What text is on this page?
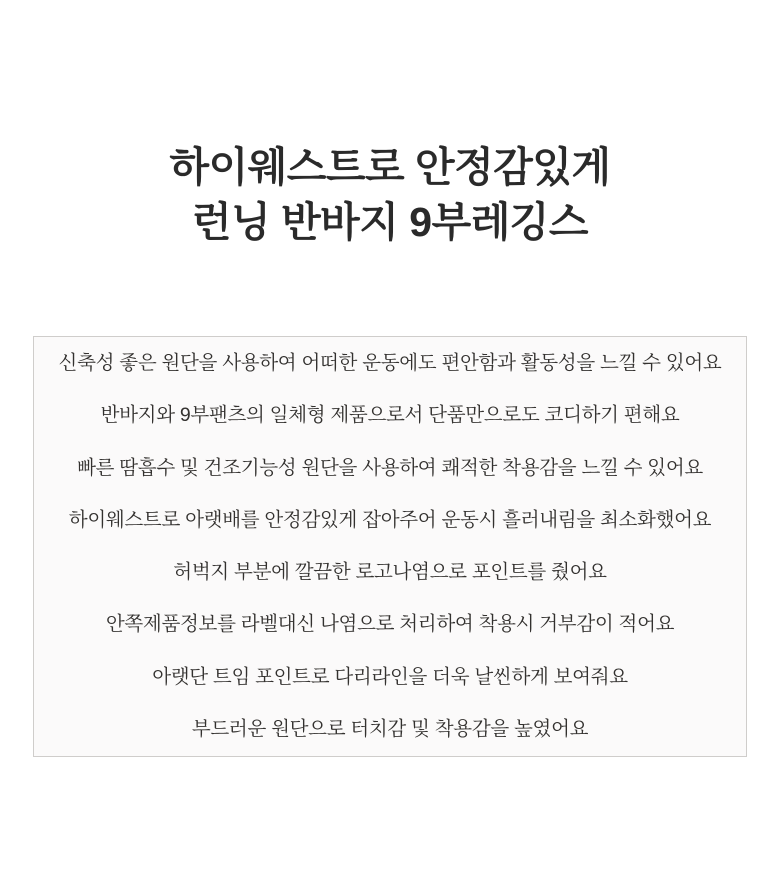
하이웨스트로 안정감있게
런닝 반바지 9부레깅스
신축성 좋은 원단을 사용하여 어떠한 운동에도 편안함과 활동성을 느낄 수 있어요
반바지와 9부팬츠의 일체형 제품으로서 단품만으로도 코디하기 편해요
빠른 땀흡수 및 건조기능성 원단을 사용하여 쾌적한 착용감을 느낄 수 있어요
하이웨스트로 아랫배를 안정감있게 잡아주어 운동시 흘러내림을 최소화했어요
허벅지 부분에 깔끔한 로고나염으로 포인트를 줬어요
안쪽제품정보를 라벨대신 나염으로 처리하여 착용시 거부감이 적어요
아랫단 트임 포인트로 다리라인을 더욱 날씬하게 보여줘요
부드러운 원단으로 터치감 및 착용감을 높였어요
